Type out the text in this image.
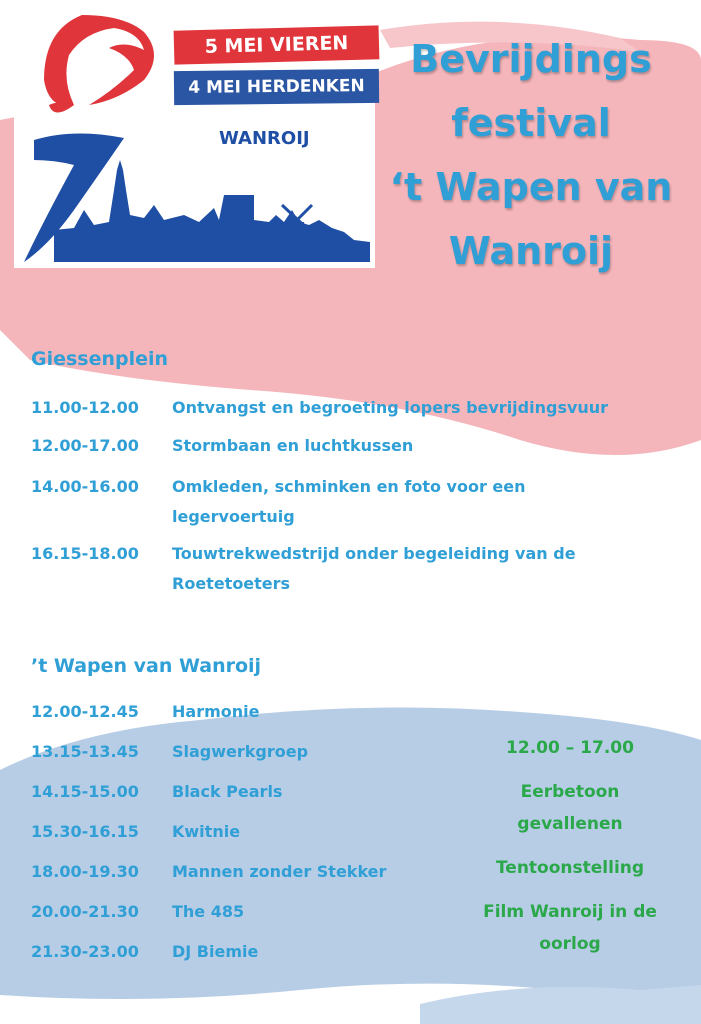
5 MEI VIEREN
4 MEI HERDENKEN
WANROIJ
Bevrijdings
festival
‘t Wapen van
Wanroij
Giessenplein
11.00-12.00	Ontvangst en begroeting lopers bevrijdingsvuur
12.00-17.00	Stormbaan en luchtkussen
14.00-16.00	Omkleden, schminken en foto voor een legervoertuig
16.15-18.00	Touwtrekwedstrijd onder begeleiding van de Roetetoeters
’t Wapen van Wanroij
12.00-12.45	Harmonie
13.15-13.45	Slagwerkgroep
14.15-15.00	Black Pearls
15.30-16.15	Kwitnie
18.00-19.30	Mannen zonder Stekker
20.00-21.30	The 485
21.30-23.00	DJ Biemie
12.00 – 17.00
Eerbetoon gevallenen
Tentoonstelling
Film Wanroij in de oorlog
